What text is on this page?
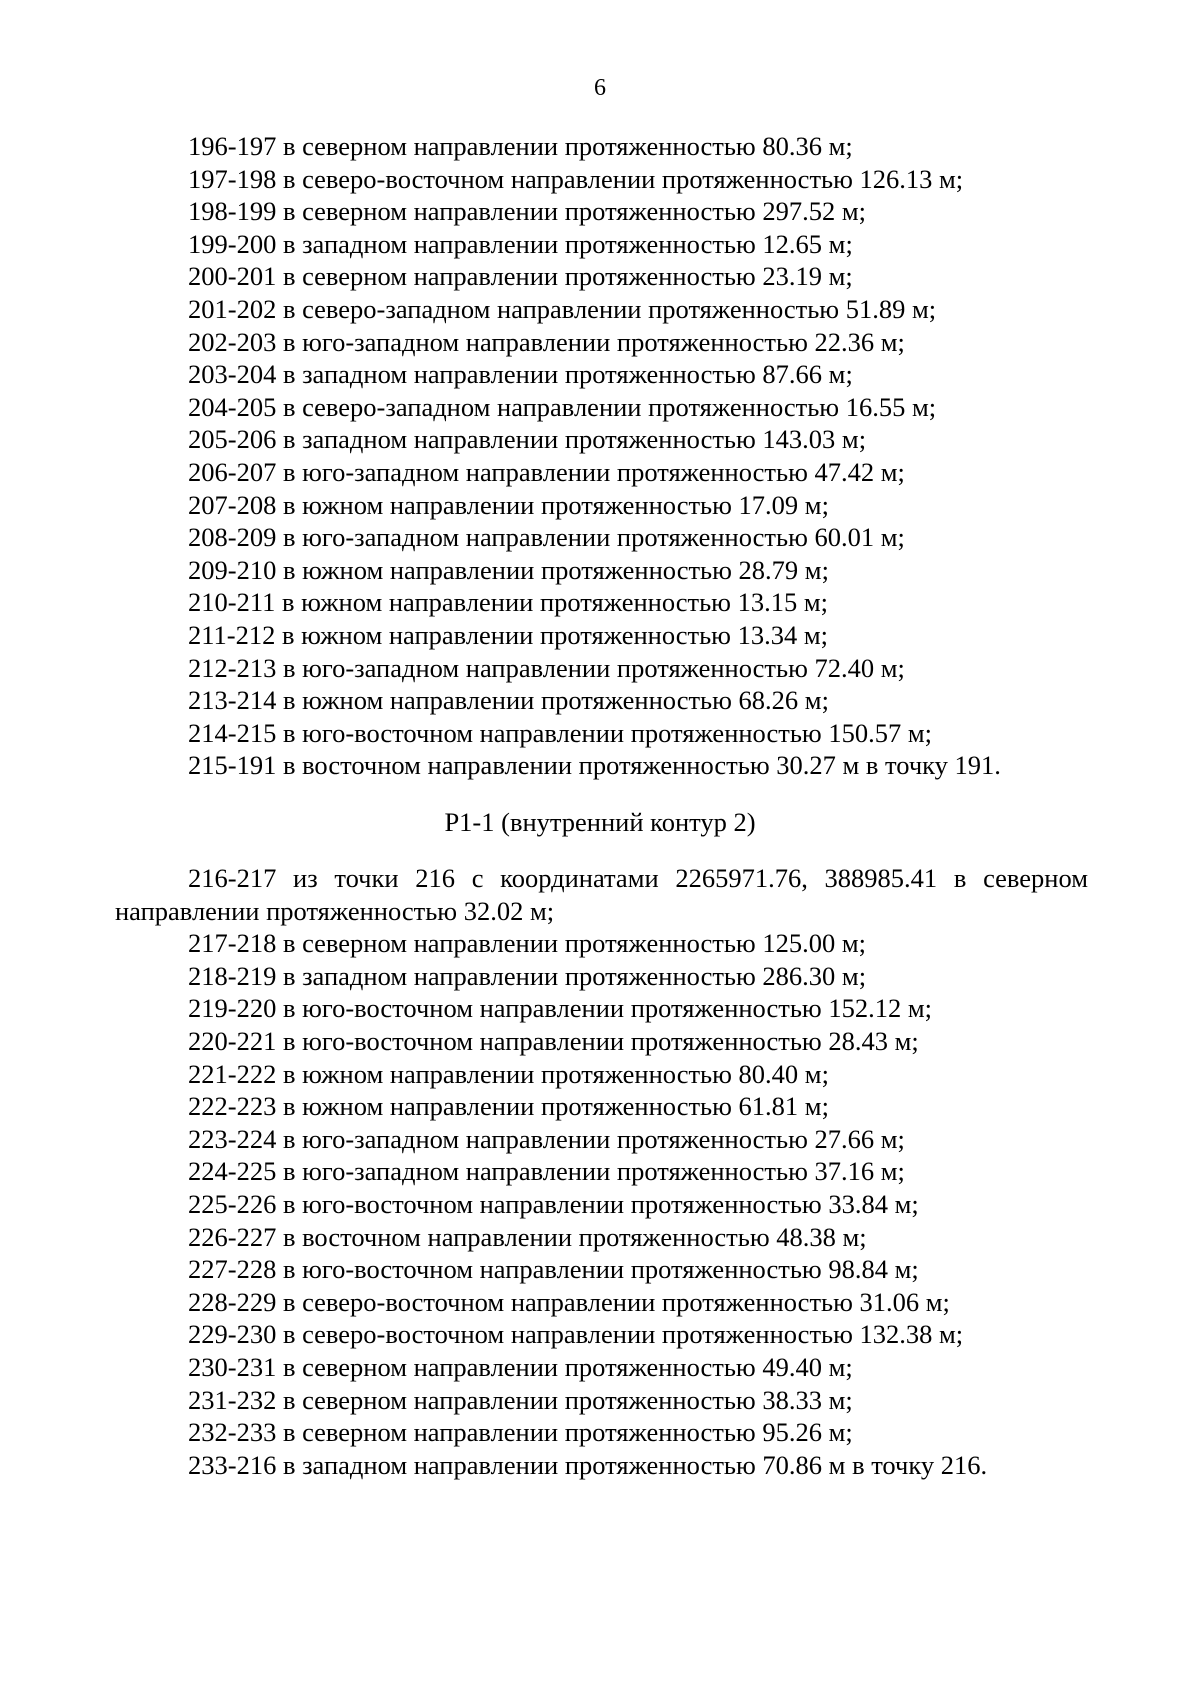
6
196-197 в северном направлении протяженностью 80.36 м;
197-198 в северо-восточном направлении протяженностью 126.13 м;
198-199 в северном направлении протяженностью 297.52 м;
199-200 в западном направлении протяженностью 12.65 м;
200-201 в северном направлении протяженностью 23.19 м;
201-202 в северо-западном направлении протяженностью 51.89 м;
202-203 в юго-западном направлении протяженностью 22.36 м;
203-204 в западном направлении протяженностью 87.66 м;
204-205 в северо-западном направлении протяженностью 16.55 м;
205-206 в западном направлении протяженностью 143.03 м;
206-207 в юго-западном направлении протяженностью 47.42 м;
207-208 в южном направлении протяженностью 17.09 м;
208-209 в юго-западном направлении протяженностью 60.01 м;
209-210 в южном направлении протяженностью 28.79 м;
210-211 в южном направлении протяженностью 13.15 м;
211-212 в южном направлении протяженностью 13.34 м;
212-213 в юго-западном направлении протяженностью 72.40 м;
213-214 в южном направлении протяженностью 68.26 м;
214-215 в юго-восточном направлении протяженностью 150.57 м;
215-191 в восточном направлении протяженностью 30.27 м в точку 191.
Р1-1 (внутренний контур 2)
216-217 из точки 216 с координатами 2265971.76, 388985.41 в северном направлении протяженностью 32.02 м;
217-218 в северном направлении протяженностью 125.00 м;
218-219 в западном направлении протяженностью 286.30 м;
219-220 в юго-восточном направлении протяженностью 152.12 м;
220-221 в юго-восточном направлении протяженностью 28.43 м;
221-222 в южном направлении протяженностью 80.40 м;
222-223 в южном направлении протяженностью 61.81 м;
223-224 в юго-западном направлении протяженностью 27.66 м;
224-225 в юго-западном направлении протяженностью 37.16 м;
225-226 в юго-восточном направлении протяженностью 33.84 м;
226-227 в восточном направлении протяженностью 48.38 м;
227-228 в юго-восточном направлении протяженностью 98.84 м;
228-229 в северо-восточном направлении протяженностью 31.06 м;
229-230 в северо-восточном направлении протяженностью 132.38 м;
230-231 в северном направлении протяженностью 49.40 м;
231-232 в северном направлении протяженностью 38.33 м;
232-233 в северном направлении протяженностью 95.26 м;
233-216 в западном направлении протяженностью 70.86 м в точку 216.
